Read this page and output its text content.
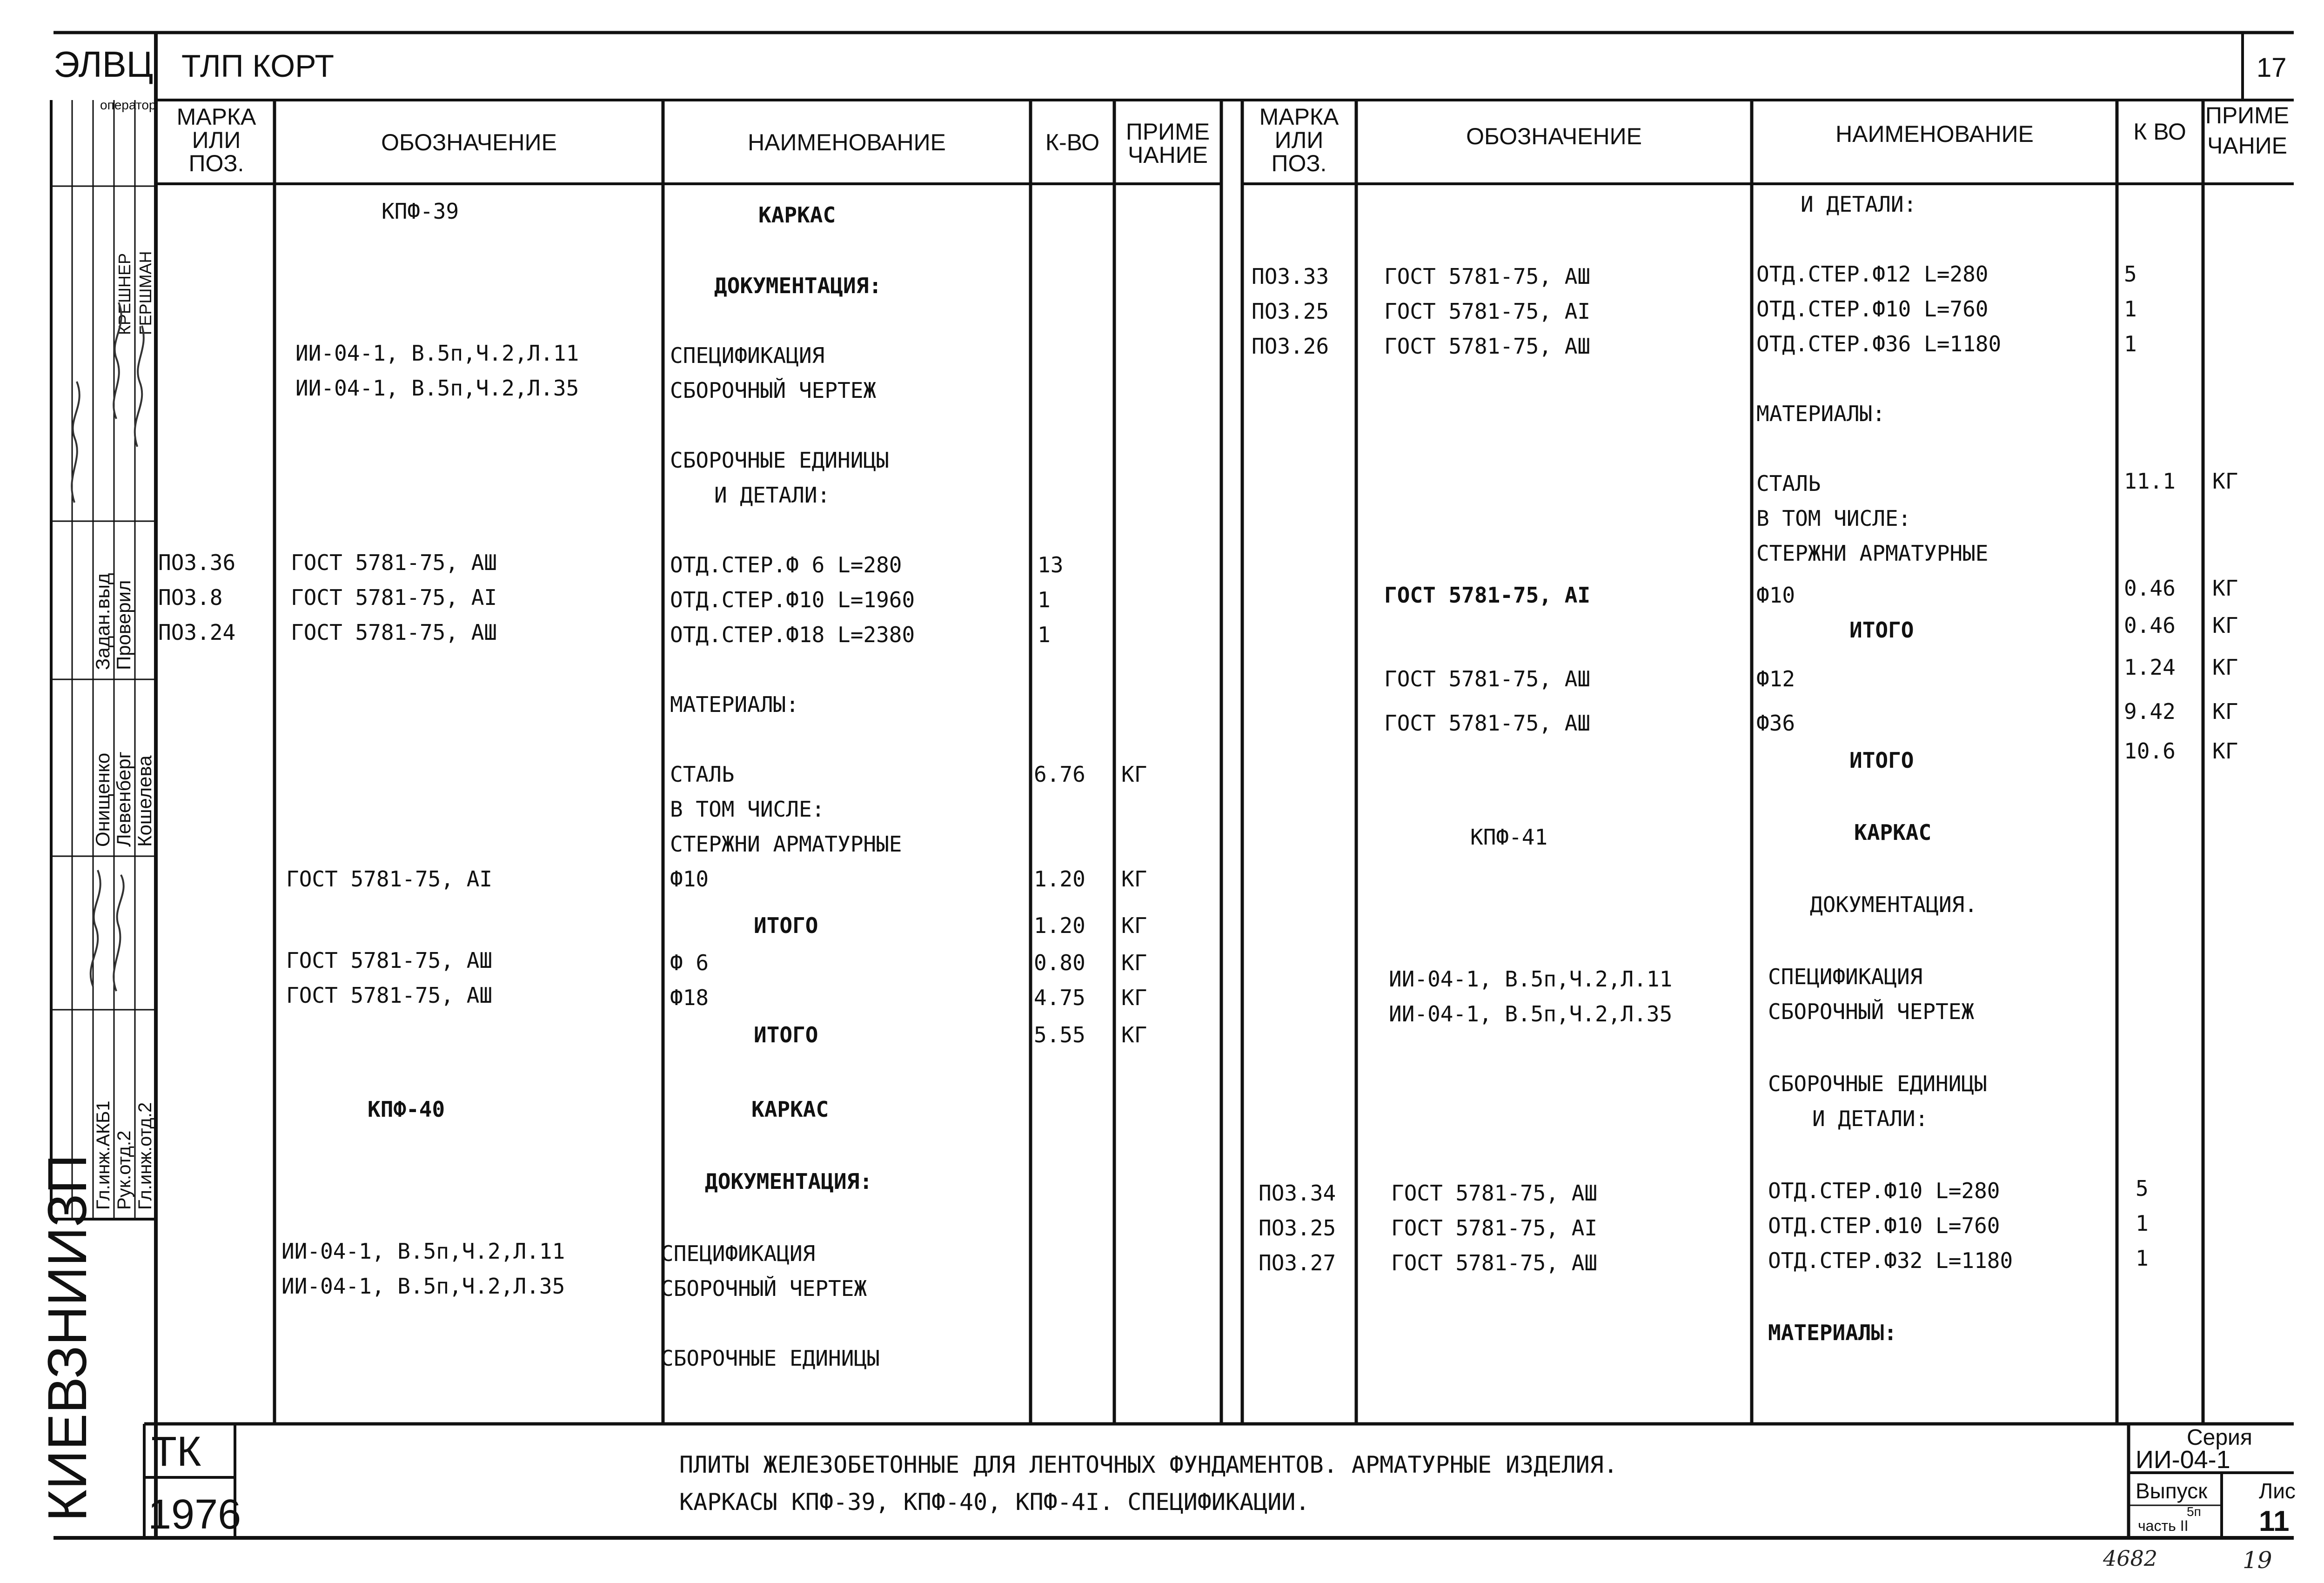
ЭЛВЦ ТЛП КОРТ	17
МАРКА
ИЛИ
ПОЗ.
ОБОЗНАЧЕНИЕ	НАИМЕНОВАНИЕ	К-ВО ПРИМЕ
ЧАНИЕ
КПФ-39	КАРКАС
ДОКУМЕНТАЦИЯ:
ИИ-04-1, В.5п,Ч.2,Л.11	СПЕЦИФИКАЦИЯ
ИИ-04-1, В.5п,Ч.2,Л.35	СБОРОЧНЫЙ ЧЕРТЕЖ
СБОРОЧНЫЕ ЕДИНИЦЫ
И ДЕТАЛИ:
ПОЗ.36	ГОСТ 5781-75, АШ	ОТД.СТЕР.Ф 6 L=280	13
ПОЗ.8	ГОСТ 5781-75, AI	ОТД.СТЕР.Ф10 L=1960	1
ПОЗ.24	ГОСТ 5781-75, АШ	ОТД.СТЕР.Ф18 L=2380	1
МАТЕРИАЛЫ:
СТАЛЬ	6.76 КГ
В ТОМ ЧИСЛЕ:
СТЕРЖНИ АРМАТУРНЫЕ
ГОСТ 5781-75, AI	Ф10	1.20 КГ
ИТОГО	1.20 КГ
ГОСТ 5781-75, АШ	Ф 6	0.80 КГ
ГОСТ 5781-75, АШ	Ф18	4.75 КГ
ИТОГО	5.55 КГ
КПФ-40	КАРКАС
ДОКУМЕНТАЦИЯ:
ИИ-04-1, В.5п,Ч.2,Л.11	СПЕЦИФИКАЦИЯ
ИИ-04-1, В.5п,Ч.2,Л.35	СБОРОЧНЫЙ ЧЕРТЕЖ
СБОРОЧНЫЕ ЕДИНИЦЫ
МАРКА
ИЛИ
ПОЗ.
ОБОЗНАЧЕНИЕ	НАИМЕНОВАНИЕ	К ВО
ПРИМЕ
ЧАНИЕ
И ДЕТАЛИ:
ПОЗ.33	ГОСТ 5781-75, АШ	ОТД.СТЕР.Ф12 L=280	5
ПОЗ.25	ГОСТ 5781-75, AI	ОТД.СТЕР.Ф10 L=760	1
ПОЗ.26	ГОСТ 5781-75, АШ	ОТД.СТЕР.Ф36 L=1180	1
МАТЕРИАЛЫ:
СТАЛЬ	11.1 КГ
В ТОМ ЧИСЛЕ:
СТЕРЖНИ АРМАТУРНЫЕ
ГОСТ 5781-75, AI	Ф10	0.46 КГ
ИТОГО	0.46 КГ
ГОСТ 5781-75, АШ	Ф12	1.24 КГ
ГОСТ 5781-75, АШ	Ф36	9.42 КГ
ИТОГО	10.6 КГ
КПФ-41	КАРКАС
ДОКУМЕНТАЦИЯ.
ИИ-04-1, В.5п,Ч.2,Л.11	СПЕЦИФИКАЦИЯ
ИИ-04-1, В.5п,Ч.2,Л.35	СБОРОЧНЫЙ ЧЕРТЕЖ
СБОРОЧНЫЕ ЕДИНИЦЫ
И ДЕТАЛИ:
ПОЗ.34	ГОСТ 5781-75, АШ	ОТД.СТЕР.Ф10 L=280	5
ПОЗ.25	ГОСТ 5781-75, AI	ОТД.СТЕР.Ф10 L=760	1
ПОЗ.27	ГОСТ 5781-75, АШ	ОТД.СТЕР.Ф32 L=1180	1
МАТЕРИАЛЫ:
ТК
1976
ПЛИТЫ ЖЕЛЕЗОБЕТОННЫЕ ДЛЯ ЛЕНТОЧНЫХ ФУНДАМЕНТОВ. АРМАТУРНЫЕ ИЗДЕЛИЯ.
КАРКАСЫ КПФ-39, КПФ-40, КПФ-4I. СПЕЦИФИКАЦИИ.
Серия
ИИ-04-1
Выпуск
5п
часть II
Лис
11
4682	19
оператор
Проверил
Задан.выд
Гл.инж.отд.2
Рук.отд.2
Гл.инж.АКБ1
Кошелева
Левенберг
Онищенко
ГЕРШМАН
КРЕШНЕР
КИЕВЗНИИЗП
